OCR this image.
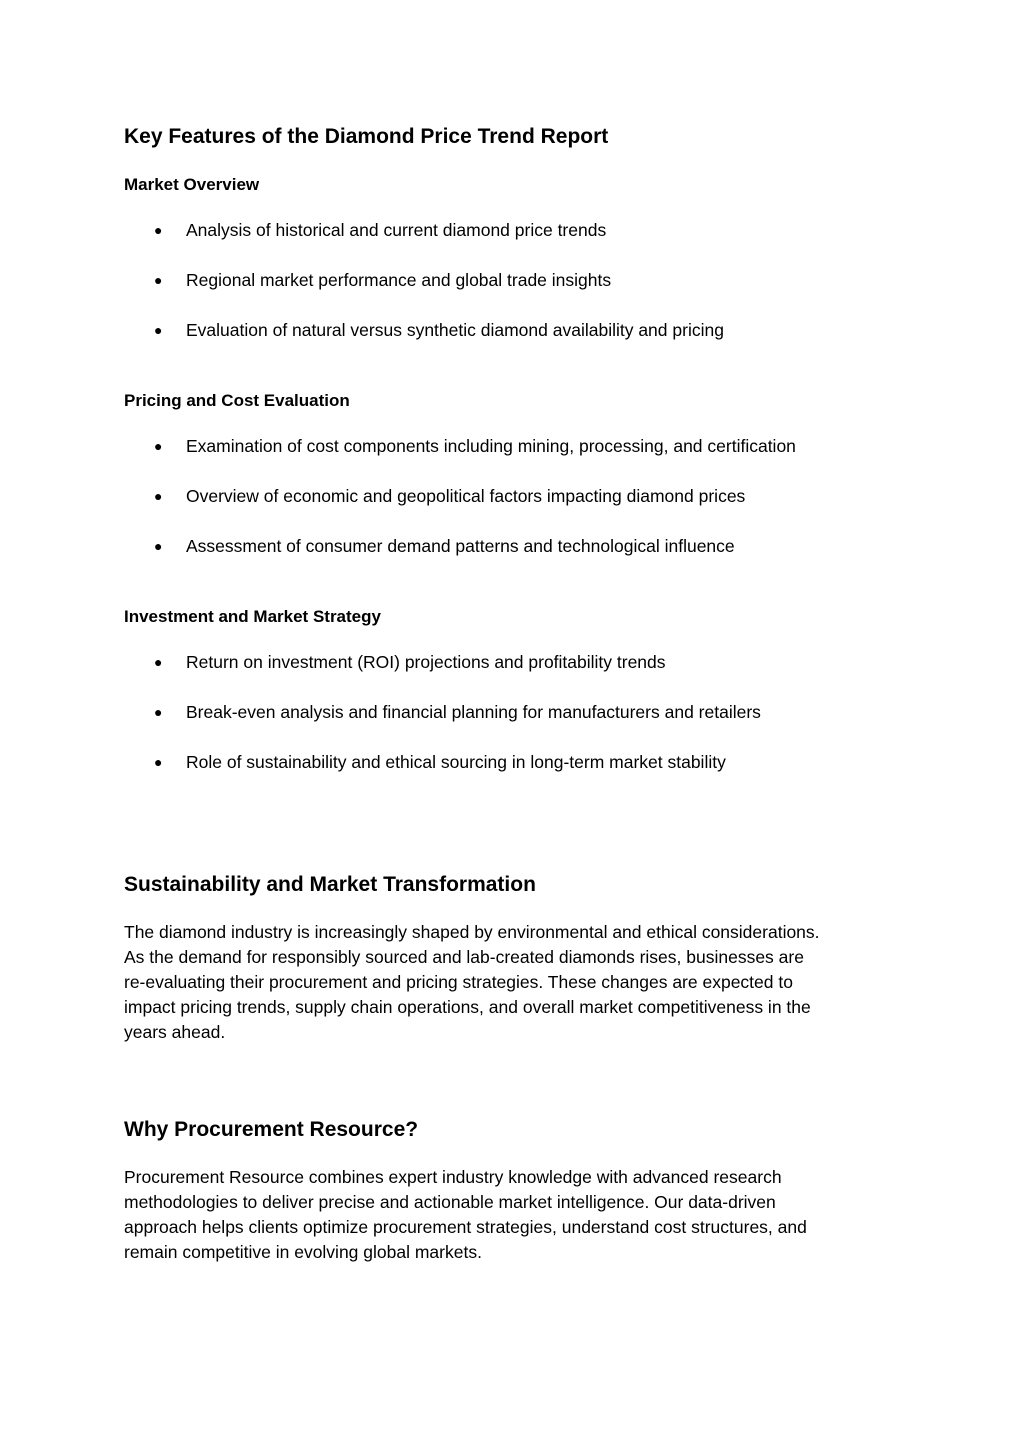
Key Features of the Diamond Price Trend Report
Market Overview
● Analysis of historical and current diamond price trends
● Regional market performance and global trade insights
● Evaluation of natural versus synthetic diamond availability and pricing
Pricing and Cost Evaluation
● Examination of cost components including mining, processing, and certification
● Overview of economic and geopolitical factors impacting diamond prices
● Assessment of consumer demand patterns and technological influence
Investment and Market Strategy
● Return on investment (ROI) projections and profitability trends
● Break-even analysis and financial planning for manufacturers and retailers
● Role of sustainability and ethical sourcing in long-term market stability
Sustainability and Market Transformation
The diamond industry is increasingly shaped by environmental and ethical considerations.
As the demand for responsibly sourced and lab-created diamonds rises, businesses are
re-evaluating their procurement and pricing strategies. These changes are expected to
impact pricing trends, supply chain operations, and overall market competitiveness in the
years ahead.
Why Procurement Resource?
Procurement Resource combines expert industry knowledge with advanced research
methodologies to deliver precise and actionable market intelligence. Our data-driven
approach helps clients optimize procurement strategies, understand cost structures, and
remain competitive in evolving global markets.
